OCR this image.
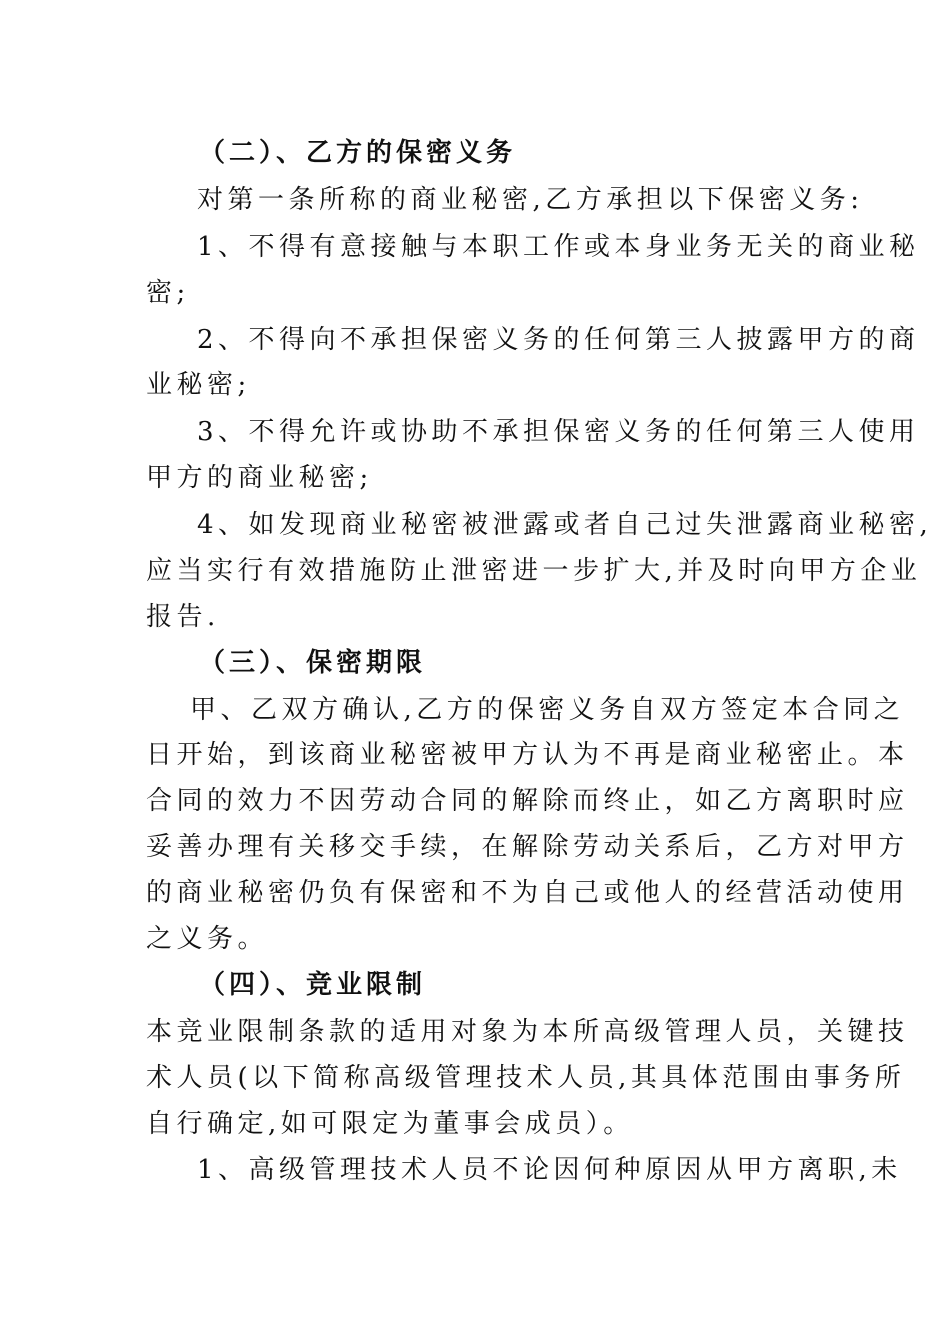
（二）、乙方的保密义务
对第一条所称的商业秘密,乙方承担以下保密义务:
1、不得有意接触与本职工作或本身业务无关的商业秘
密;
2、不得向不承担保密义务的任何第三人披露甲方的商
业秘密;
3、不得允许或协助不承担保密义务的任何第三人使用
甲方的商业秘密;
4、如发现商业秘密被泄露或者自己过失泄露商业秘密,
应当实行有效措施防止泄密进一步扩大,并及时向甲方企业
报告.
（三）、保密期限
甲、乙双方确认,乙方的保密义务自双方签定本合同之
日开始，到该商业秘密被甲方认为不再是商业秘密止。本
合同的效力不因劳动合同的解除而终止，如乙方离职时应
妥善办理有关移交手续，在解除劳动关系后，乙方对甲方
的商业秘密仍负有保密和不为自己或他人的经营活动使用
之义务。
（四）、竞业限制
本竞业限制条款的适用对象为本所高级管理人员，关键技
术人员(以下简称高级管理技术人员,其具体范围由事务所
自行确定,如可限定为董事会成员）。
1、高级管理技术人员不论因何种原因从甲方离职,未
